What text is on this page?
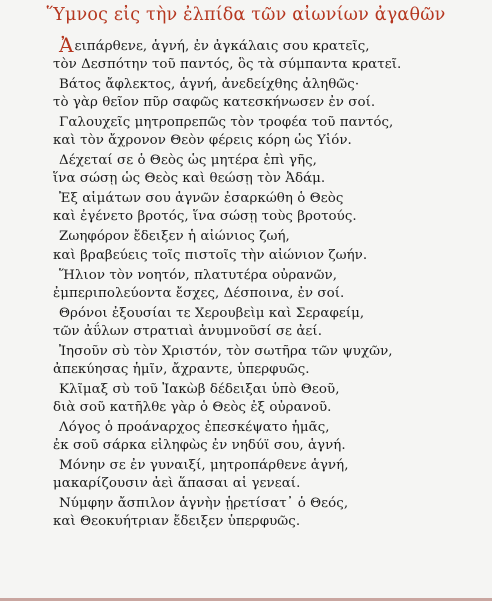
Ὕμνος εἰς τὴν ἐλπίδα τῶν αἰωνίων ἀγαθῶν
Ἀειπάρθενε, ἁγνή, ἐν ἀγκάλαις σου κρατεῖς,
τὸν Δεσπότην τοῦ παντός, ὃς τὰ σύμπαντα κρατεῖ.
Βάτος ἄφλεκτος, ἁγνή, ἀνεδείχθης ἀληθῶς·
τὸ γὰρ θεῖον πῦρ σαφῶς κατεσκήνωσεν ἐν σοί.
Γαλουχεῖς μητροπρεπῶς τὸν τροφέα τοῦ παντός,
καὶ τὸν ἄχρονον Θεὸν φέρεις κόρη ὡς Υἱόν.
Δέχεταί σε ὁ Θεὸς ὡς μητέρα ἐπὶ γῆς,
ἵνα σώσῃ ὡς Θεὸς καὶ θεώσῃ τὸν Ἀδάμ.
Ἐξ αἱμάτων σου ἁγνῶν ἐσαρκώθη ὁ Θεὸς
καὶ ἐγένετο βροτός, ἵνα σώσῃ τοὺς βροτούς.
Ζωηφόρον ἔδειξεν ἡ αἰώνιος ζωή,
καὶ βραβεύεις τοῖς πιστοῖς τὴν αἰώνιον ζωήν.
Ἥλιον τὸν νοητόν, πλατυτέρα οὐρανῶν,
ἐμπεριπολεύοντα ἔσχες, Δέσποινα, ἐν σοί.
Θρόνοι ἐξουσίαι τε Χερουβεὶμ καὶ Σεραφείμ,
τῶν ἀΰλων στρατιαὶ ἀνυμνοῦσί σε ἀεί.
Ἰησοῦν σὺ τὸν Χριστόν, τὸν σωτῆρα τῶν ψυχῶν,
ἀπεκύησας ἡμῖν, ἄχραντε, ὑπερφυῶς.
Κλῖμαξ σὺ τοῦ Ἰακὼβ δέδειξαι ὑπὸ Θεοῦ,
διὰ σοῦ κατῆλθε γὰρ ὁ Θεὸς ἐξ οὐρανοῦ.
Λόγος ὁ προάναρχος ἐπεσκέψατο ἡμᾶς,
ἐκ σοῦ σάρκα εἰληφὼς ἐν νηδύϊ σου, ἁγνή.
Μόνην σε ἐν γυναιξί, μητροπάρθενε ἁγνή,
μακαρίζουσιν ἀεὶ ἅπασαι αἱ γενεαί.
Νύμφην ἄσπιλον ἁγνὴν ᾑρετίσατ᾽ ὁ Θεός,
καὶ Θεοκυήτριαν ἔδειξεν ὑπερφυῶς.
